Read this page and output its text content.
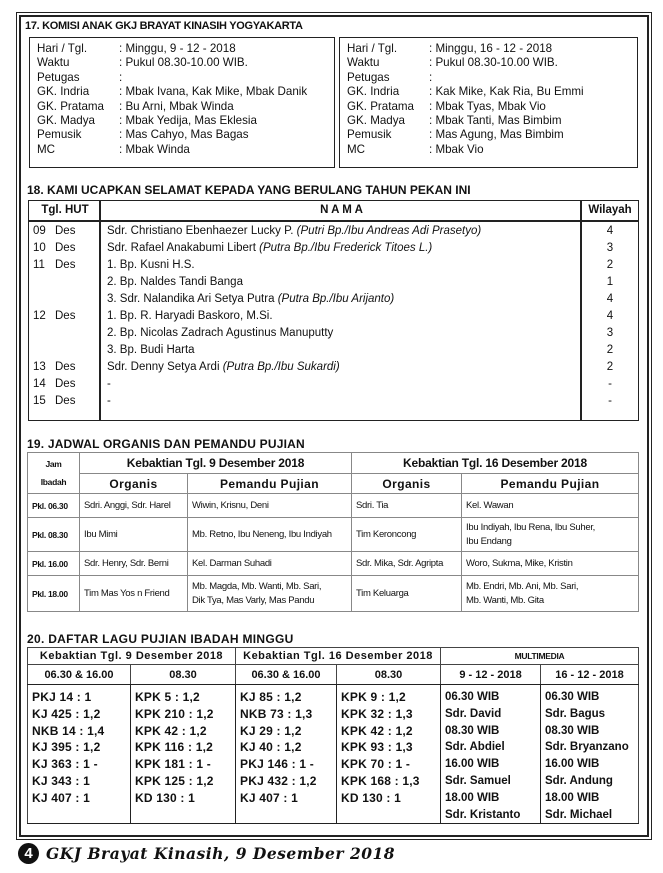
17. KOMISI ANAK GKJ BRAYAT KINASIH YOGYAKARTA
Hari / Tgl.	: Minggu, 9 - 12 - 2018
Waktu	: Pukul 08.30-10.00 WIB.
Petugas	:
GK. Indria	: Mbak Ivana, Kak Mike, Mbak Danik
GK. Pratama	: Bu Arni, Mbak Winda
GK. Madya	: Mbak Yedija, Mas Eklesia
Pemusik	: Mas Cahyo, Mas Bagas
MC	: Mbak Winda
Hari / Tgl.	: Minggu, 16 - 12 - 2018
Waktu	: Pukul 08.30-10.00 WIB.
Petugas	:
GK. Indria	: Kak Mike, Kak Ria, Bu Emmi
GK. Pratama	: Mbak Tyas, Mbak Vio
GK. Madya	: Mbak Tanti, Mas Bimbim
Pemusik	: Mas Agung, Mas Bimbim
MC	: Mbak Vio
18. KAMI UCAPKAN SELAMAT KEPADA YANG BERULANG TAHUN PEKAN INI
Tgl. HUT	N A M A	Wilayah
09 Des	Sdr. Christiano Ebenhaezer Lucky P. (Putri Bp./Ibu Andreas Adi Prasetyo)	4
10 Des	Sdr. Rafael Anakabumi Libert (Putra Bp./Ibu Frederick Titoes L.)	3
11 Des	1. Bp. Kusni H.S.	2
2. Bp. Naldes Tandi Banga	1
3. Sdr. Nalandika Ari Setya Putra (Putra Bp./Ibu Arijanto)	4
12 Des	1. Bp. R. Haryadi Baskoro, M.Si.	4
2. Bp. Nicolas Zadrach Agustinus Manuputty	3
3. Bp. Budi Harta	2
13 Des	Sdr. Denny Setya Ardi (Putra Bp./Ibu Sukardi)	2
14 Des	-	-
15 Des	-	-
19. JADWAL ORGANIS DAN PEMANDU PUJIAN
Jam
Ibadah	Kebaktian Tgl. 9 Desember 2018		Kebaktian Tgl. 16 Desember 2018	
	Organis	Pemandu Pujian	Organis	Pemandu Pujian
Pkl. 06.30	Sdri. Anggi, Sdr. Harel	Wiwin, Krisnu, Deni	Sdri. Tia	Kel. Wawan
Pkl. 08.30	Ibu Mimi	Mb. Retno, Ibu Neneng, Ibu Indiyah	Tim Keroncong	Ibu Indiyah, Ibu Rena, Ibu Suher,
Ibu Endang
Pkl. 16.00	Sdr. Henry, Sdr. Berni	Kel. Darman Suhadi	Sdr. Mika, Sdr. Agripta	Woro, Sukma, Mike, Kristin
Pkl. 18.00	Tim Mas Yos n Friend	Mb. Magda, Mb. Wanti, Mb. Sari,
Dik Tya, Mas Varly, Mas Pandu	Tim Keluarga	Mb. Endri, Mb. Ani, Mb. Sari,
Mb. Wanti, Mb. Gita
20. DAFTAR LAGU PUJIAN IBADAH MINGGU
Kebaktian Tgl. 9 Desember 2018		Kebaktian Tgl. 16 Desember 2018		MULTIMEDIA	
06.30 & 16.00	08.30	06.30 & 16.00	08.30	9 - 12 - 2018	16 - 12 - 2018

PKJ 14 : 1
KJ 425 : 1,2
NKB 14 : 1,4
KJ 395 : 1,2
KJ 363 : 1 -
KJ 343 : 1
KJ 407 : 1

KPK 5 : 1,2
KPK 210 : 1,2
KPK 42 : 1,2
KPK 116 : 1,2
KPK 181 : 1 -
KPK 125 : 1,2
KD 130 : 1

KJ 85 : 1,2
NKB 73 : 1,3
KJ 29 : 1,2
KJ 40 : 1,2
PKJ 146 : 1 -
PKJ 432 : 1,2
KJ 407 : 1

KPK 9 : 1,2
KPK 32 : 1,3
KPK 42 : 1,2
KPK 93 : 1,3
KPK 70 : 1 -
KPK 168 : 1,3
KD 130 : 1

06.30 WIB
Sdr. David
08.30 WIB
Sdr. Abdiel
16.00 WIB
Sdr. Samuel
18.00 WIB
Sdr. Kristanto

06.30 WIB
Sdr. Bagus
08.30 WIB
Sdr. Bryanzano
16.00 WIB
Sdr. Andung
18.00 WIB
Sdr. Michael
4 GKJ Brayat Kinasih, 9 Desember 2018
